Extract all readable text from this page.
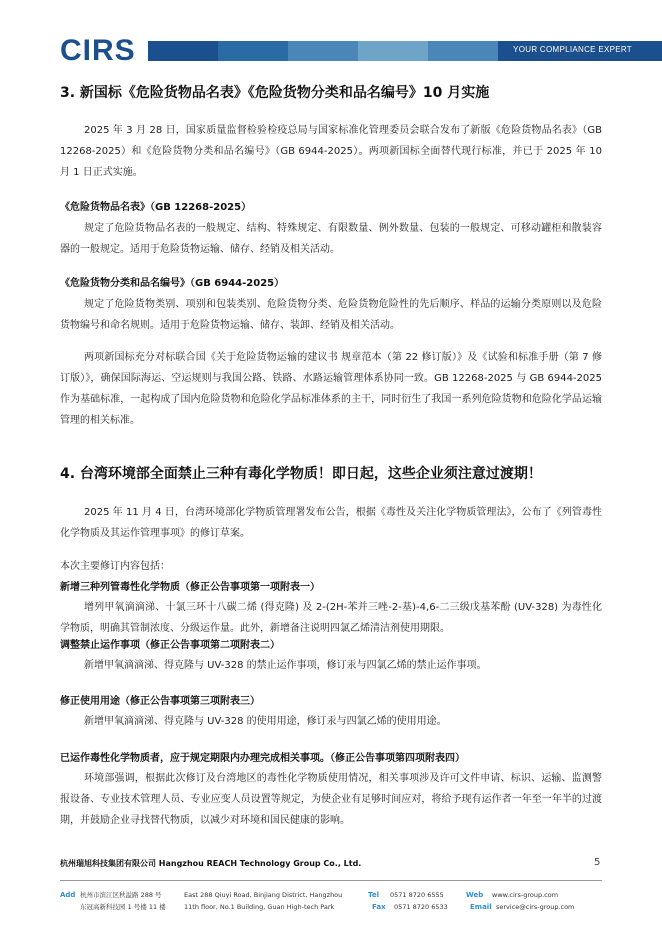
CIRS	YOUR COMPLIANCE EXPERT
3. 新国标《危险货物品名表》《危险货物分类和品名编号》10 月实施

2025 年 3 月 28 日，国家质量监督检验检疫总局与国家标准化管理委员会联合发布了新版《危险货物品名表》（GB 12268-2025）和《危险货物分类和品名编号》（GB 6944-2025）。两项新国标全面替代现行标准，并已于 2025 年 10 月 1 日正式实施。

《危险货物品名表》（GB 12268-2025）

规定了危险货物品名表的一般规定、结构、特殊规定、有限数量、例外数量、包装的一般规定、可移动罐柜和散装容器的一般规定。适用于危险货物运输、储存、经销及相关活动。

《危险货物分类和品名编号》（GB 6944-2025）

规定了危险货物类别、项别和包装类别、危险货物分类、危险货物危险性的先后顺序、样品的运输分类原则以及危险货物编号和命名规则。适用于危险货物运输、储存、装卸、经销及相关活动。

两项新国标充分对标联合国《关于危险货物运输的建议书 规章范本（第 22 修订版）》及《试验和标准手册（第 7 修订版）》，确保国际海运、空运规则与我国公路、铁路、水路运输管理体系协同一致。GB 12268-2025 与 GB 6944-2025 作为基础标准，一起构成了国内危险货物和危险化学品标准体系的主干，同时衍生了我国一系列危险货物和危险化学品运输管理的相关标准。

4. 台湾环境部全面禁止三种有毒化学物质！即日起，这些企业须注意过渡期！

2025 年 11 月 4 日，台湾环境部化学物质管理署发布公告，根据《毒性及关注化学物质管理法》，公布了《列管毒性化学物质及其运作管理事项》的修订草案。

本次主要修订内容包括：
新增三种列管毒性化学物质（修正公告事项第一项附表一）

增列甲氧滴滴涕、十氯三环十八碳二烯 (得克隆) 及 2-(2H-苯并三唑-2-基)-4,6-二三级戊基苯酚 (UV-328) 为毒性化学物质，明确其管制浓度、分级运作量。此外，新增备注说明四氯乙烯清洁剂使用期限。

调整禁止运作事项（修正公告事项第二项附表二）

新增甲氧滴滴涕、得克隆与 UV-328 的禁止运作事项，修订汞与四氯乙烯的禁止运作事项。

修正使用用途（修正公告事项第三项附表三）

新增甲氧滴滴涕、得克隆与 UV-328 的使用用途，修订汞与四氯乙烯的使用用途。

已运作毒性化学物质者，应于规定期限内办理完成相关事项。（修正公告事项第四项附表四）

环境部强调，根据此次修订及台湾地区的毒性化学物质使用情况，相关事项涉及许可文件申请、标识、运输、监测警报设备、专业技术管理人员、专业应变人员设置等规定，为使企业有足够时间应对，将给予现有运作者一年至一年半的过渡期，并鼓励企业寻找替代物质，以减少对环境和国民健康的影响。

杭州瑞旭科技集团有限公司 Hangzhou REACH Technology Group Co., Ltd.	5
Add 杭州市滨江区秋溢路 288 号
东冠高新科技园 1 号楼 11 楼
East 288 Qiuyi Road, Binjiang District, Hangzhou
11th floor, No.1 Building, Guan High-tech Park
Tel 0571 8720 6555
Fax 0571 8720 6533
Web www.cirs-group.com
Email service@cirs-group.com
